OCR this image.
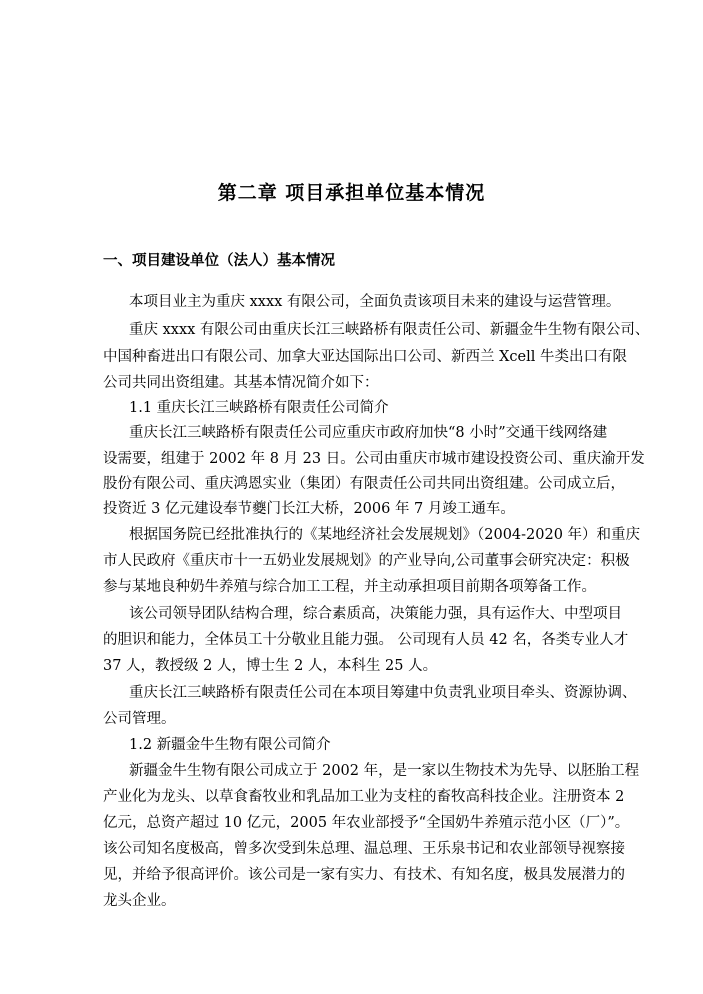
第二章 项目承担单位基本情况
一、项目建设单位（法人）基本情况

本项目业主为重庆 xxxx 有限公司，全面负责该项目未来的建设与运营管理。

重庆 xxxx 有限公司由重庆长江三峡路桥有限责任公司、新疆金牛生物有限公司、

中国种畜进出口有限公司、加拿大亚达国际出口公司、新西兰 Xcell 牛类出口有限

公司共同出资组建。其基本情况简介如下：

1.1 重庆长江三峡路桥有限责任公司简介

重庆长江三峡路桥有限责任公司应重庆市政府加快“8 小时”交通干线网络建

设需要，组建于 2002 年 8 月 23 日。公司由重庆市城市建设投资公司、重庆渝开发

股份有限公司、重庆鸿恩实业（集团）有限责任公司共同出资组建。公司成立后，

投资近 3 亿元建设奉节夔门长江大桥，2006 年 7 月竣工通车。

根据国务院已经批准执行的《某地经济社会发展规划》（2004-2020 年）和重庆

市人民政府《重庆市十一五奶业发展规划》的产业导向,公司董事会研究决定：积极

参与某地良种奶牛养殖与综合加工工程，并主动承担项目前期各项筹备工作。

该公司领导团队结构合理，综合素质高，决策能力强，具有运作大、中型项目

的胆识和能力，全体员工十分敬业且能力强。 公司现有人员 42 名，各类专业人才

37 人，教授级 2 人，博士生 2 人，本科生 25 人。

重庆长江三峡路桥有限责任公司在本项目筹建中负责乳业项目牵头、资源协调、

公司管理。

1.2 新疆金牛生物有限公司简介

新疆金牛生物有限公司成立于 2002 年，是一家以生物技术为先导、以胚胎工程

产业化为龙头、以草食畜牧业和乳品加工业为支柱的畜牧高科技企业。注册资本 2

亿元，总资产超过 10 亿元，2005 年农业部授予“全国奶牛养殖示范小区（厂）”。

该公司知名度极高，曾多次受到朱总理、温总理、王乐泉书记和农业部领导视察接

见，并给予很高评价。该公司是一家有实力、有技术、有知名度，极具发展潜力的

龙头企业。
